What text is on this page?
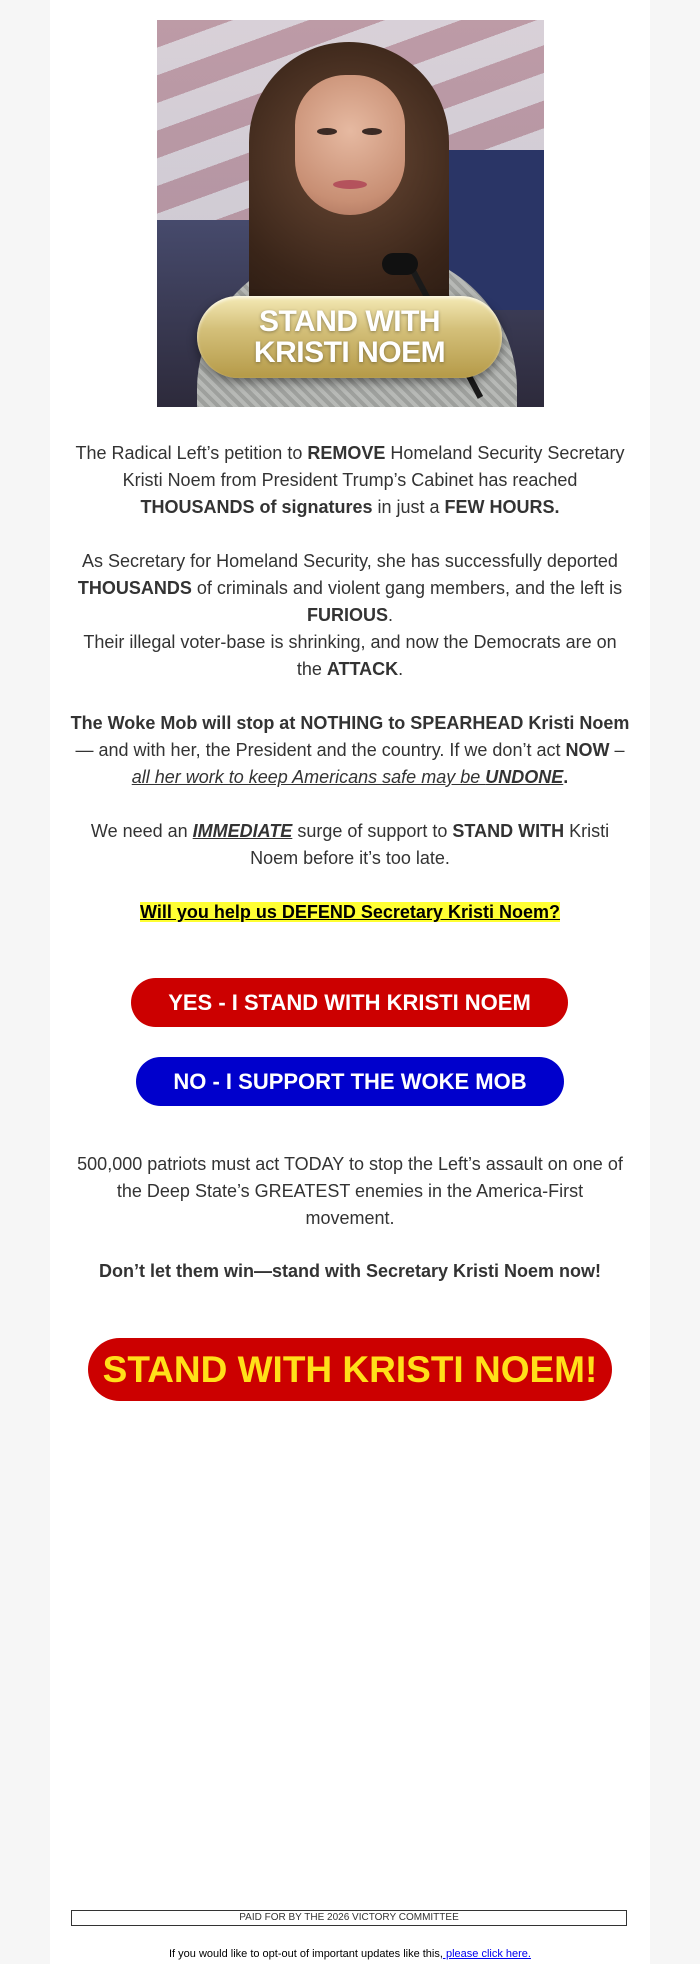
STAND WITH
KRISTI NOEM

The Radical Left’s petition to REMOVE Homeland Security Secretary Kristi Noem from President Trump’s Cabinet has reached THOUSANDS of signatures in just a FEW HOURS.

As Secretary for Homeland Security, she has successfully deported THOUSANDS of criminals and violent gang members, and the left is FURIOUS.

Their illegal voter-base is shrinking, and now the Democrats are on the ATTACK.

The Woke Mob will stop at NOTHING to SPEARHEAD Kristi Noem — and with her, the President and the country. If we don’t act NOW – all her work to keep Americans safe may be UNDONE.

We need an IMMEDIATE surge of support to STAND WITH Kristi Noem before it’s too late.

Will you help us DEFEND Secretary Kristi Noem?

YES - I STAND WITH KRISTI NOEM
NO - I SUPPORT THE WOKE MOB

500,000 patriots must act TODAY to stop the Left’s assault on one of the Deep State’s GREATEST enemies in the America-First movement.

Don’t let them win—stand with Secretary Kristi Noem now!

STAND WITH KRISTI NOEM!
PAID FOR BY THE 2026 VICTORY COMMITTEE
If you would like to opt-out of important updates like this, please click here.
